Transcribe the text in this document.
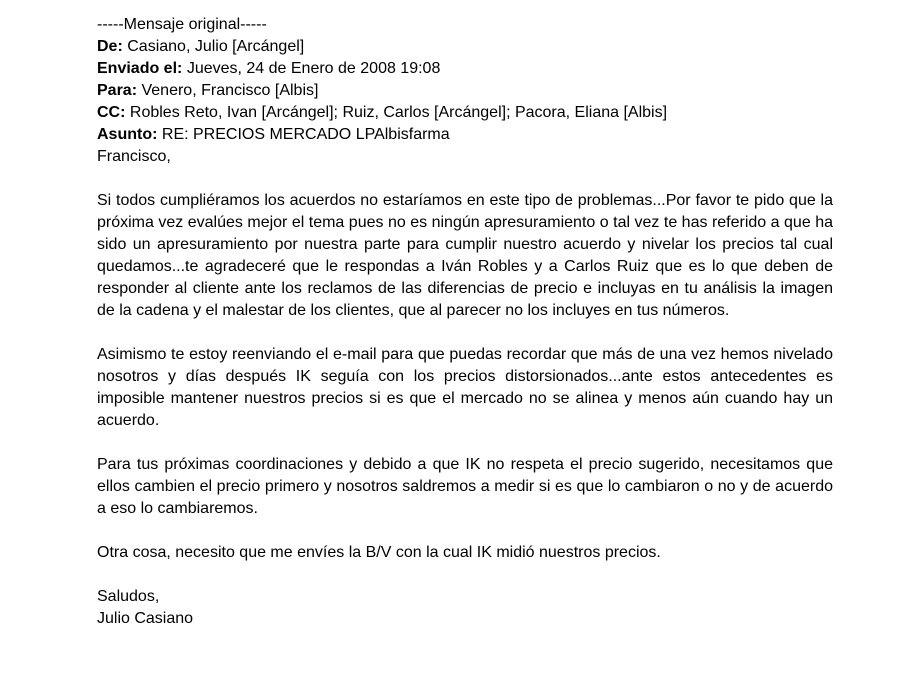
-----Mensaje original-----
De: Casiano, Julio [Arcángel]
Enviado el: Jueves, 24 de Enero de 2008 19:08
Para: Venero, Francisco [Albis]
CC: Robles Reto, Ivan [Arcángel]; Ruiz, Carlos [Arcángel]; Pacora, Eliana [Albis]
Asunto: RE: PRECIOS MERCADO LPAlbisfarma
Francisco,

Si todos cumpliéramos los acuerdos no estaríamos en este tipo de problemas...Por favor te pido que la próxima vez evalúes mejor el tema pues no es ningún apresuramiento o tal vez te has referido a que ha sido un apresuramiento por nuestra parte para cumplir nuestro acuerdo y nivelar los precios tal cual quedamos...te agradeceré que le respondas a Iván Robles y a Carlos Ruiz que es lo que deben de responder al cliente ante los reclamos de las diferencias de precio e incluyas en tu análisis la imagen de la cadena y el malestar de los clientes, que al parecer no los incluyes en tus números.

Asimismo te estoy reenviando el e-mail para que puedas recordar que más de una vez hemos nivelado nosotros y días después IK seguía con los precios distorsionados...ante estos antecedentes es imposible mantener nuestros precios si es que el mercado no se alinea y menos aún cuando hay un acuerdo.

Para tus próximas coordinaciones y debido a que IK no respeta el precio sugerido, necesitamos que ellos cambien el precio primero y nosotros saldremos a medir si es que lo cambiaron o no y de acuerdo a eso lo cambiaremos.

Otra cosa, necesito que me envíes la B/V con la cual IK midió nuestros precios.

Saludos,
Julio Casiano
